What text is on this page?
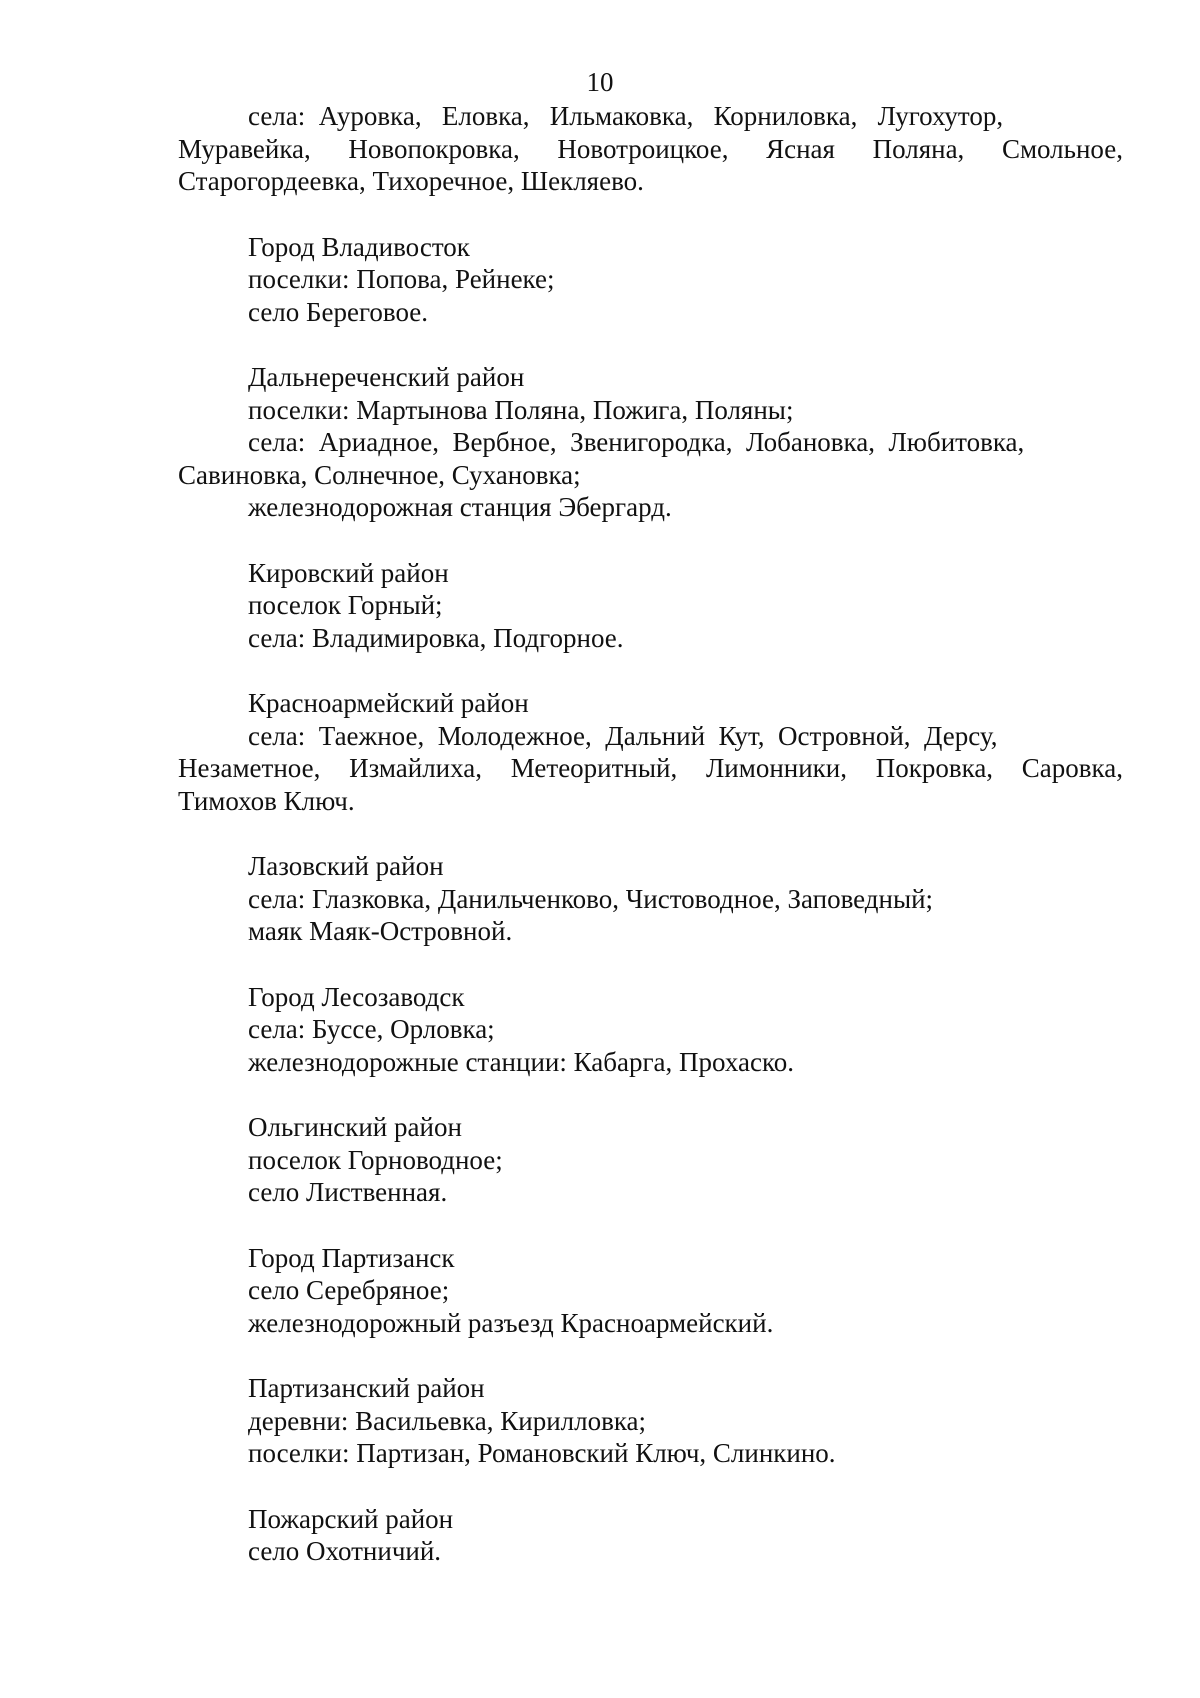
10
села:  Ауровка,   Еловка,   Ильмаковка,   Корниловка,   Лугохутор,
Муравейка, Новопокровка, Новотроицкое, Ясная Поляна, Смольное,
Старогордеевка, Тихоречное, Шекляево.
Город Владивосток
поселки: Попова, Рейнеке;
село Береговое.
Дальнереченский район
поселки: Мартынова Поляна, Пожига, Поляны;
села:  Ариадное,  Вербное,  Звенигородка,  Лобановка,  Любитовка,
Савиновка, Солнечное, Сухановка;
железнодорожная станция Эбергард.
Кировский район
поселок Горный;
села: Владимировка, Подгорное.
Красноармейский район
села:  Таежное,  Молодежное,  Дальний  Кут,  Островной,  Дерсу,
Незаметное, Измайлиха, Метеоритный, Лимонники, Покровка, Саровка,
Тимохов Ключ.
Лазовский район
села: Глазковка, Данильченково, Чистоводное, Заповедный;
маяк Маяк-Островной.
Город Лесозаводск
села: Буссе, Орловка;
железнодорожные станции: Кабарга, Прохаско.
Ольгинский район
поселок Горноводное;
село Лиственная.
Город Партизанск
село Серебряное;
железнодорожный разъезд Красноармейский.
Партизанский район
деревни: Васильевка, Кирилловка;
поселки: Партизан, Романовский Ключ, Слинкино.
Пожарский район
село Охотничий.
